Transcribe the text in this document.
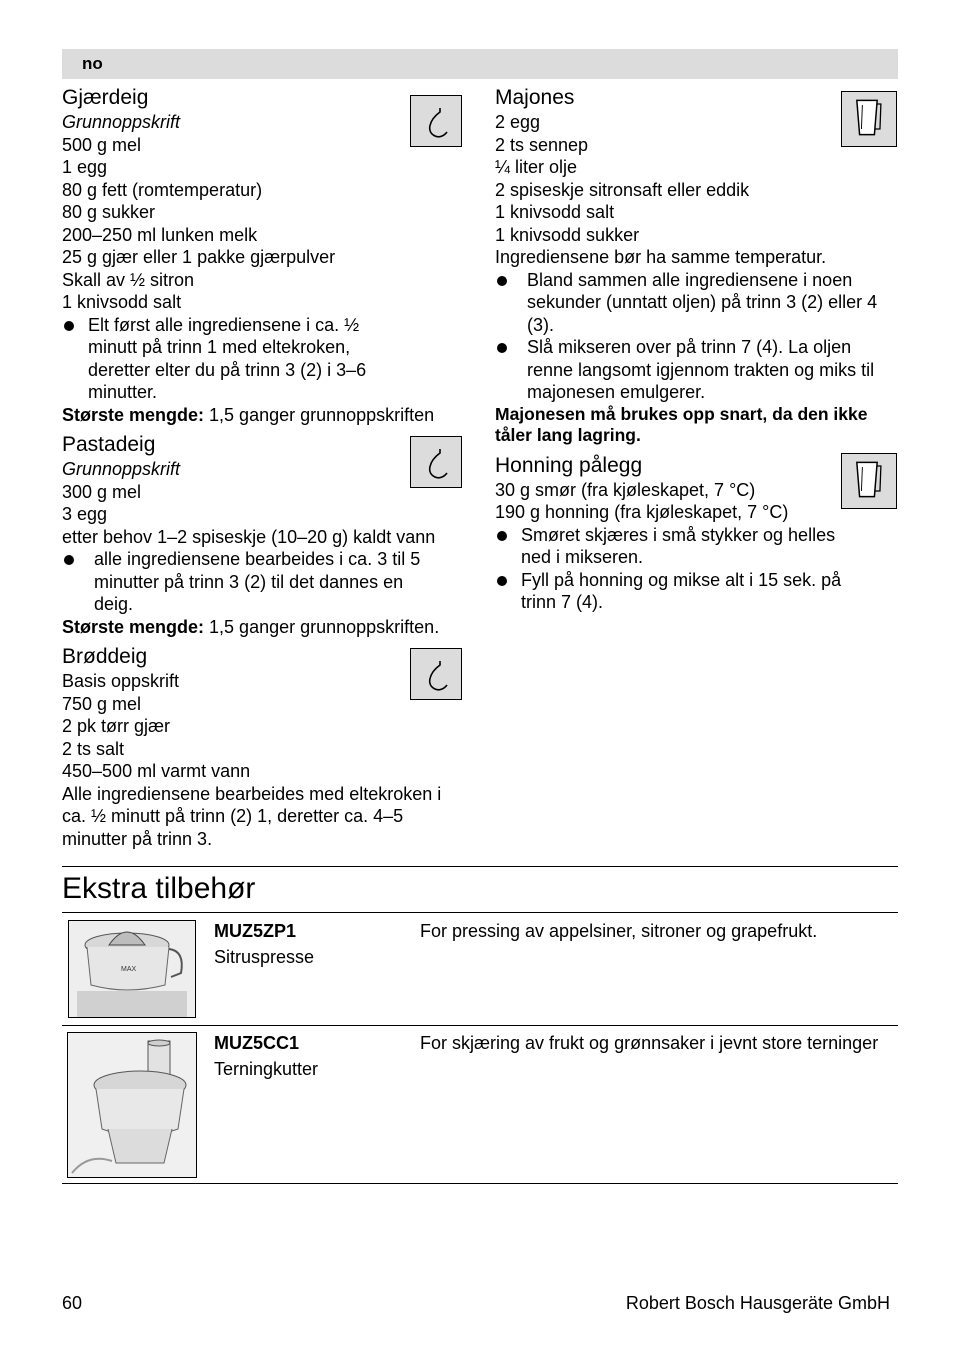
no
Gjærdeig
Grunnoppskrift
500 g mel
1 egg
80 g fett (romtemperatur)
80 g sukker
200–250 ml lunken melk
25 g gjær eller 1 pakke gjærpulver
Skall av ½ sitron
1 knivsodd salt
Elt først alle ingrediensene i ca. ½ minutt på trinn 1 med eltekroken, deretter elter du på trinn 3 (2) i 3–6 minutter.
Største mengde: 1,5 ganger grunnoppskriften
Pastadeig
Grunnoppskrift
300 g mel
3 egg
etter behov 1–2 spiseskje (10–20 g) kaldt vann
alle ingrediensene bearbeides i ca. 3 til 5 minutter på trinn 3 (2) til det dannes en deig.
Største mengde: 1,5 ganger grunnoppskriften.
Brøddeig
Basis oppskrift
750 g mel
2 pk tørr gjær
2 ts salt
450–500 ml varmt vann
Alle ingrediensene bearbeides med eltekroken i ca. ½ minutt på trinn (2) 1, deretter ca. 4–5 minutter på trinn 3.
Majones
2 egg
2 ts sennep
¼ liter olje
2 spiseskje sitronsaft eller eddik
1 knivsodd salt
1 knivsodd sukker
Ingrediensene bør ha samme temperatur.
Bland sammen alle ingrediensene i noen sekunder (unntatt oljen) på trinn 3 (2) eller 4 (3).
Slå mikseren over på trinn 7 (4). La oljen renne langsomt igjennom trakten og miks til majonesen emulgerer.
Majonesen må brukes opp snart, da den ikke tåler lang lagring.
Honning pålegg
30 g smør (fra kjøleskapet, 7 °C)
190 g honning (fra kjøleskapet, 7 °C)
Smøret skjæres i små stykker og helles ned i mikseren.
Fyll på honning og mikse alt i 15 sek. på trinn 7 (4).
Ekstra tilbehør
MAX
MUZ5ZP1
Sitruspresse
For pressing av appelsiner, sitroner og grapefrukt.
MUZ5CC1
Terningkutter
For skjæring av frukt og grønnsaker i jevnt store terninger
60	Robert Bosch Hausgeräte GmbH
